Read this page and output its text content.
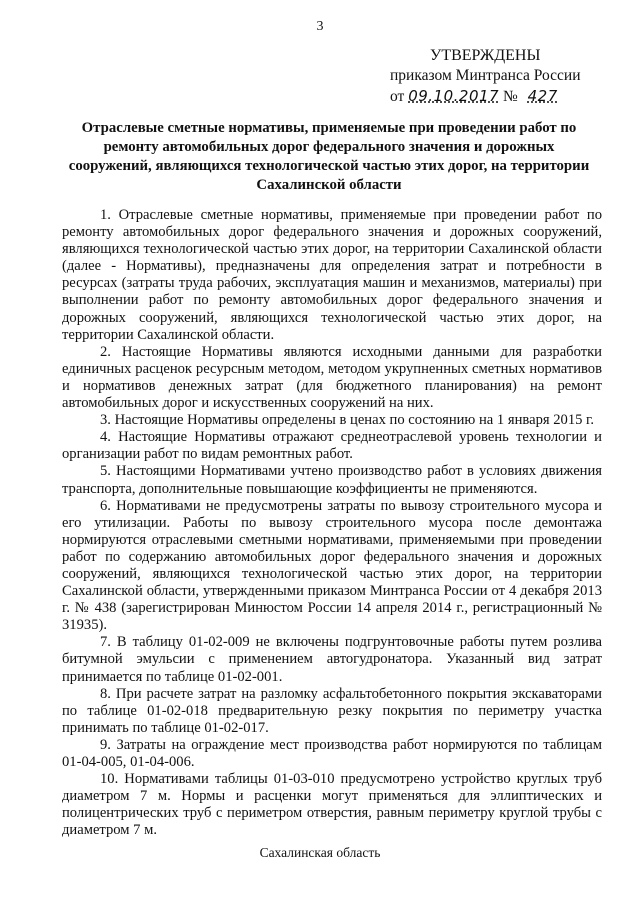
3
УТВЕРЖДЕНЫ
приказом Минтранса России
от 09.10.2017 № 427
Отраслевые сметные нормативы, применяемые при проведении работ по ремонту автомобильных дорог федерального значения и дорожных сооружений, являющихся технологической частью этих дорог, на территории Сахалинской области

1. Отраслевые сметные нормативы, применяемые при проведении работ по ремонту автомобильных дорог федерального значения и дорожных сооружений, являющихся технологической частью этих дорог, на территории Сахалинской области (далее - Нормативы), предназначены для определения затрат и потребности в ресурсах (затраты труда рабочих, эксплуатация машин и механизмов, материалы) при выполнении работ по ремонту автомобильных дорог федерального значения и дорожных сооружений, являющихся технологической частью этих дорог, на территории Сахалинской области.

2. Настоящие Нормативы являются исходными данными для разработки единичных расценок ресурсным методом, методом укрупненных сметных нормативов и нормативов денежных затрат (для бюджетного планирования) на ремонт автомобильных дорог и искусственных сооружений на них.

3. Настоящие Нормативы определены в ценах по состоянию на 1 января 2015 г.

4. Настоящие Нормативы отражают среднеотраслевой уровень технологии и организации работ по видам ремонтных работ.

5. Настоящими Нормативами учтено производство работ в условиях движения транспорта, дополнительные повышающие коэффициенты не применяются.

6. Нормативами не предусмотрены затраты по вывозу строительного мусора и его утилизации. Работы по вывозу строительного мусора после демонтажа нормируются отраслевыми сметными нормативами, применяемыми при проведении работ по содержанию автомобильных дорог федерального значения и дорожных сооружений, являющихся технологической частью этих дорог, на территории Сахалинской области, утвержденными приказом Минтранса России от 4 декабря 2013 г. № 438 (зарегистрирован Минюстом России 14 апреля 2014 г., регистрационный № 31935).

7. В таблицу 01-02-009 не включены подгрунтовочные работы путем розлива битумной эмульсии с применением автогудронатора. Указанный вид затрат принимается по таблице 01-02-001.

8. При расчете затрат на разломку асфальтобетонного покрытия экскаваторами по таблице 01-02-018 предварительную резку покрытия по периметру участка принимать по таблице 01-02-017.

9. Затраты на ограждение мест производства работ нормируются по таблицам 01-04-005, 01-04-006.

10. Нормативами таблицы 01-03-010 предусмотрено устройство круглых труб диаметром 7 м. Нормы и расценки могут применяться для эллиптических и полицентрических труб с периметром отверстия, равным периметру круглой трубы с диаметром 7 м.

Сахалинская область
